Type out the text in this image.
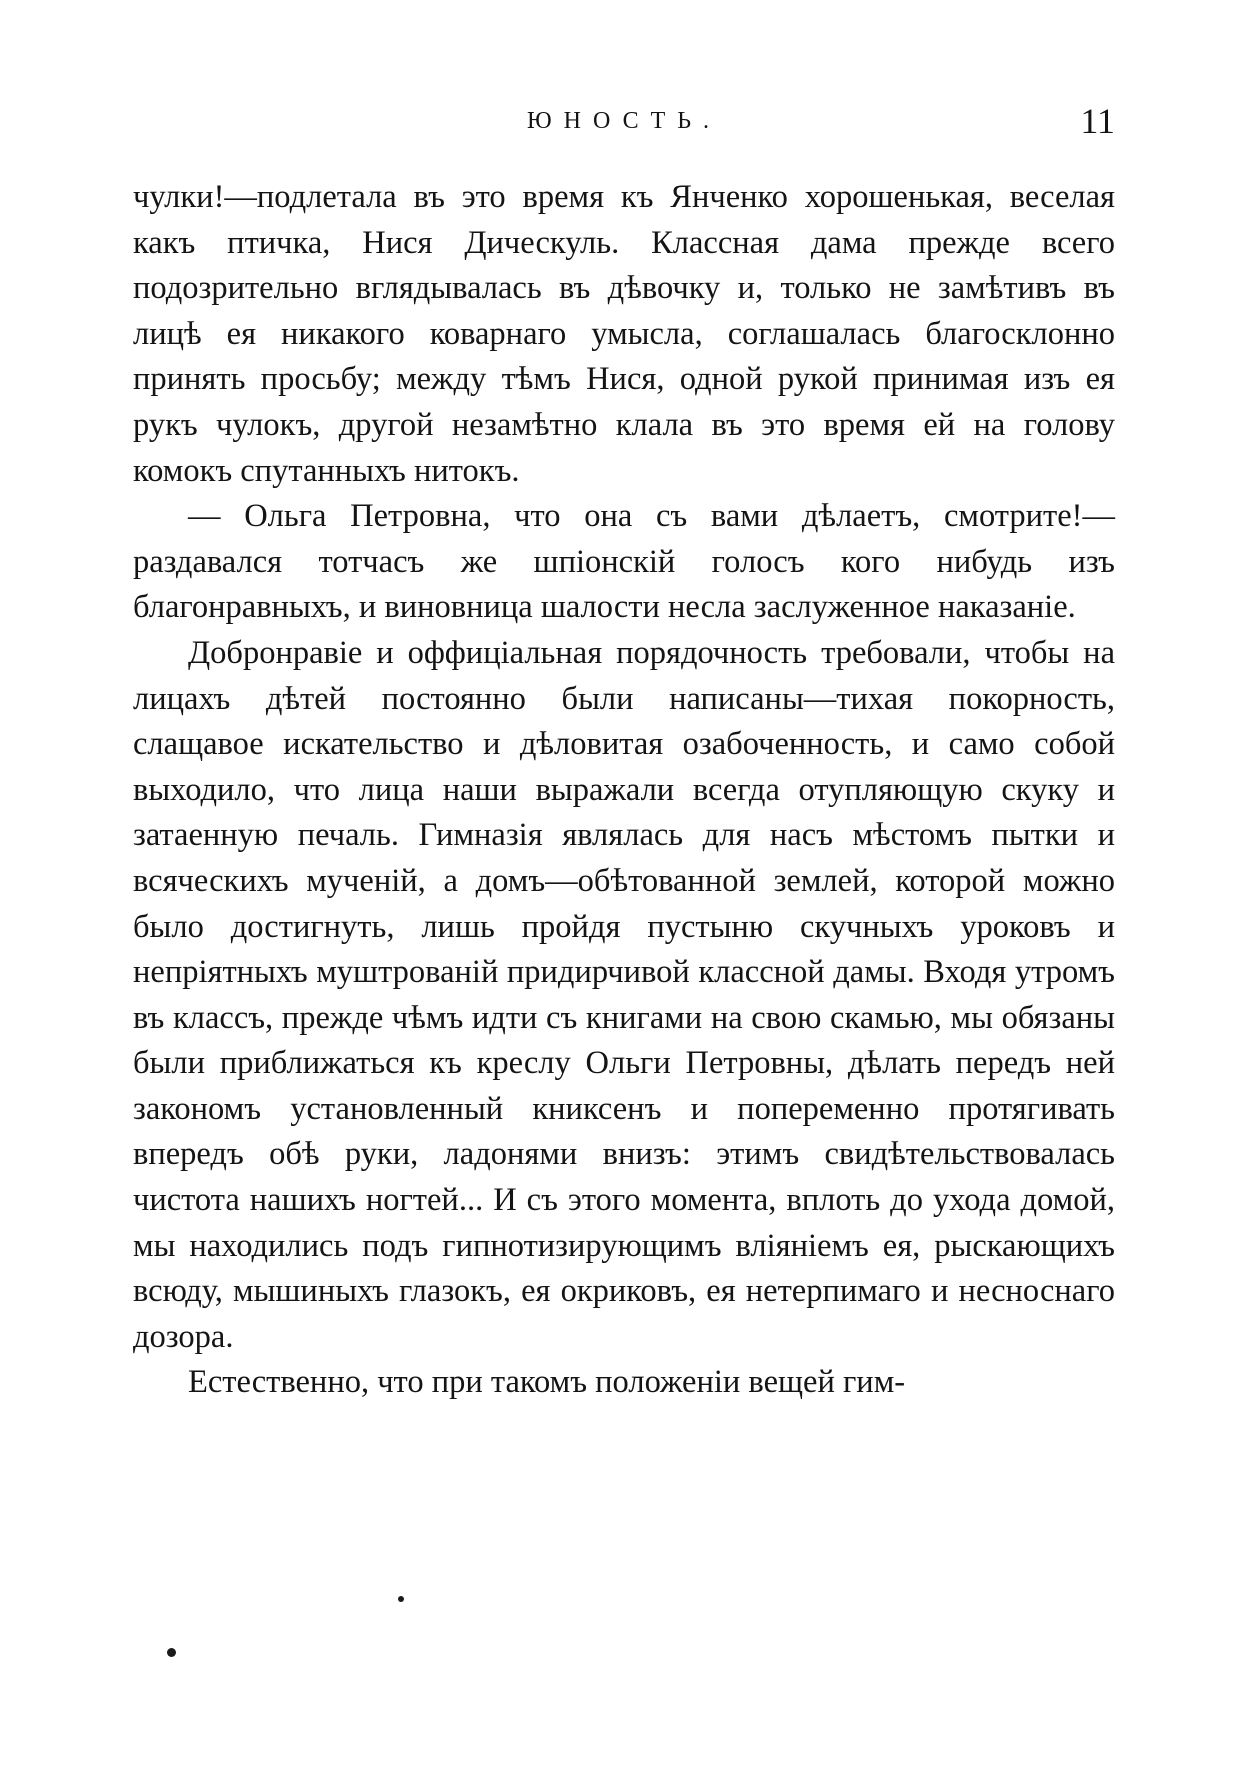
ЮНОСТЬ.	11

чулки!—подлетала въ это время къ Янченко хорошенькая, веселая какъ птичка, Нися Дическуль. Классная дама прежде всего подозрительно вглядывалась въ дѣвочку и, только не замѣтивъ въ лицѣ ея никакого коварнаго умысла, соглашалась благосклонно принять просьбу; между тѣмъ Нися, одной рукой принимая изъ ея рукъ чулокъ, другой незамѣтно клала въ это время ей на голову комокъ спутанныхъ нитокъ.

— Ольга Петровна, что она съ вами дѣлаетъ, смотрите!—раздавался тотчасъ же шпіонскій голосъ кого нибудь изъ благонравныхъ, и виновница шалости несла заслуженное наказаніе.

Добронравіе и оффиціальная порядочность требовали, чтобы на лицахъ дѣтей постоянно были написаны—тихая покорность, слащавое искательство и дѣловитая озабоченность, и само собой выходило, что лица наши выражали всегда отупляющую скуку и затаенную печаль. Гимназія являлась для насъ мѣстомъ пытки и всяческихъ мученій, а домъ—обѣтованной землей, которой можно было достигнуть, лишь пройдя пустыню скучныхъ уроковъ и непріятныхъ муштрованій придирчивой классной дамы. Входя утромъ въ классъ, прежде чѣмъ идти съ книгами на свою скамью, мы обязаны были приближаться къ креслу Ольги Петровны, дѣлать передъ ней закономъ установленный книксенъ и попеременно протягивать впередъ обѣ руки, ладонями внизъ: этимъ свидѣтельствовалась чистота нашихъ ногтей... И съ этого момента, вплоть до ухода домой, мы находились подъ гипнотизирующимъ вліяніемъ ея, рыскающихъ всюду, мышиныхъ глазокъ, ея окриковъ, ея нетерпимаго и несноснаго дозора.

Естественно, что при такомъ положеніи вещей гим-
